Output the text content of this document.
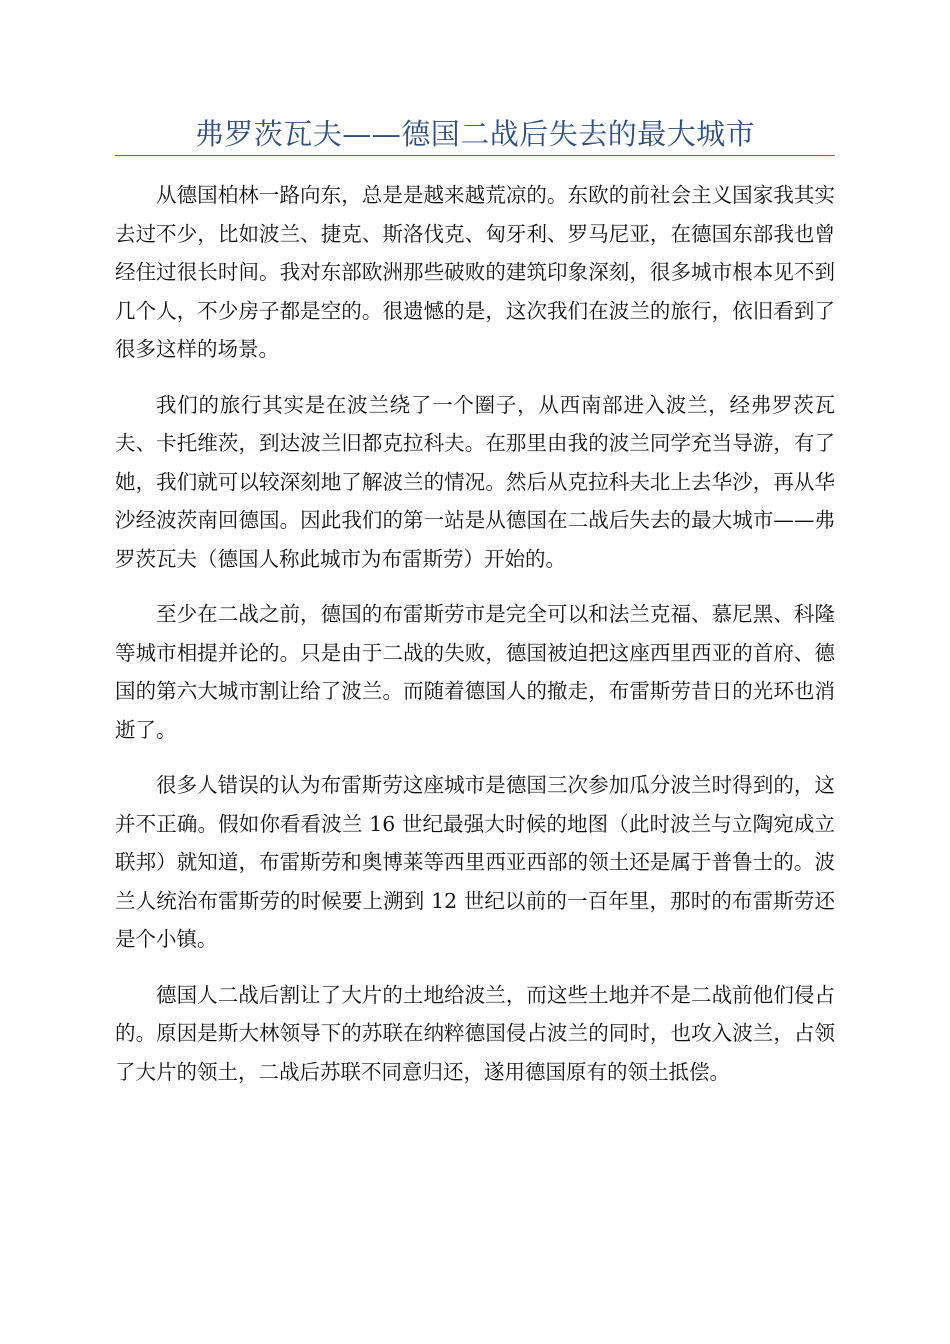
弗罗茨瓦夫——德国二战后失去的最大城市

从德国柏林一路向东，总是是越来越荒凉的。东欧的前社会主义国家我其实去过不少，比如波兰、捷克、斯洛伐克、匈牙利、罗马尼亚，在德国东部我也曾经住过很长时间。我对东部欧洲那些破败的建筑印象深刻，很多城市根本见不到几个人，不少房子都是空的。很遗憾的是，这次我们在波兰的旅行，依旧看到了很多这样的场景。

我们的旅行其实是在波兰绕了一个圈子，从西南部进入波兰，经弗罗茨瓦夫、卡托维茨，到达波兰旧都克拉科夫。在那里由我的波兰同学充当导游，有了她，我们就可以较深刻地了解波兰的情况。然后从克拉科夫北上去华沙，再从华沙经波茨南回德国。因此我们的第一站是从德国在二战后失去的最大城市——弗罗茨瓦夫（德国人称此城市为布雷斯劳）开始的。

至少在二战之前，德国的布雷斯劳市是完全可以和法兰克福、慕尼黑、科隆等城市相提并论的。只是由于二战的失败，德国被迫把这座西里西亚的首府、德国的第六大城市割让给了波兰。而随着德国人的撤走，布雷斯劳昔日的光环也消逝了。

很多人错误的认为布雷斯劳这座城市是德国三次参加瓜分波兰时得到的，这并不正确。假如你看看波兰 16 世纪最强大时候的地图（此时波兰与立陶宛成立联邦）就知道，布雷斯劳和奥博莱等西里西亚西部的领土还是属于普鲁士的。波兰人统治布雷斯劳的时候要上溯到 12 世纪以前的一百年里，那时的布雷斯劳还是个小镇。

德国人二战后割让了大片的土地给波兰，而这些土地并不是二战前他们侵占的。原因是斯大林领导下的苏联在纳粹德国侵占波兰的同时，也攻入波兰，占领了大片的领土，二战后苏联不同意归还，遂用德国原有的领土抵偿。
